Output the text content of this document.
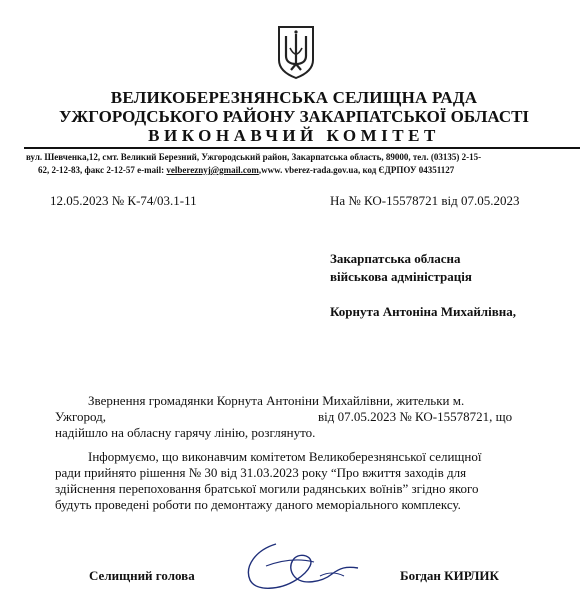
ВЕЛИКОБЕРЕЗНЯНСЬКА СЕЛИЩНА РАДА
УЖГОРОДСЬКОГО РАЙОНУ ЗАКАРПАТСЬКОЇ ОБЛАСТІ
ВИКОНАВЧИЙ КОМІТЕТ
вул. Шевченка,12, смт. Великий Березний, Ужгородський район, Закарпатська область, 89000, тел. (03135) 2-15-
62, 2-12-83, факс 2-12-57 e-mail: velbereznyj@gmail.com,www. vberez-rada.gov.ua, код ЄДРПОУ 04351127
12.05.2023 № К-74/03.1-11	На № КО-15578721 від 07.05.2023
Закарпатська обласна
військова адміністрація
Корнута Антоніна Михайлівна,
Звернення громадянки Корнута Антоніни Михайлівни, жительки м.
Ужгород,	від 07.05.2023 № КО-15578721, що
надійшло на обласну гарячу лінію, розглянуто.
Інформуємо, що виконавчим комітетом Великоберезнянської селищної
ради прийнято рішення № 30 від 31.03.2023 року “Про вжиття заходів для
здійснення перепоховання братської могили радянських воїнів” згідно якого
будуть проведені роботи по демонтажу даного меморіального комплексу.
Селищний голова	Богдан КИРЛИК
